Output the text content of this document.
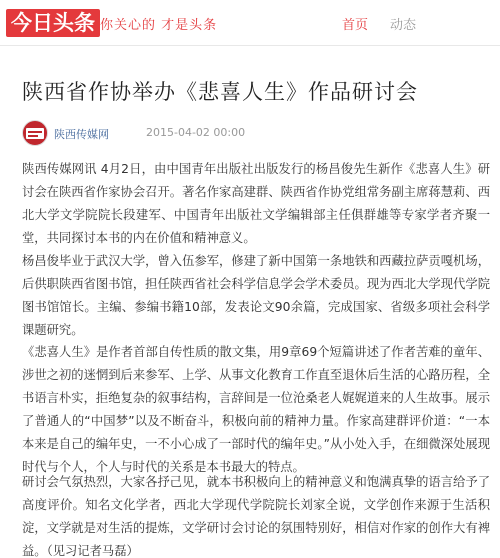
今日头条 你关心的 才是头条	首页 动态
陕西省作协举办《悲喜人生》作品研讨会
陕西传媒网	2015-04-02 00:00

陕西传媒网讯 4月2日，由中国青年出版社出版发行的杨昌俊先生新作《悲喜人生》研讨会在陕西省作家协会召开。著名作家高建群、陕西省作协党组常务副主席蒋慧莉、西北大学文学院院长段建军、中国青年出版社文学编辑部主任俱群雄等专家学者齐聚一堂，共同探讨本书的内在价值和精神意义。

杨昌俊毕业于武汉大学，曾入伍参军，修建了新中国第一条地铁和西藏拉萨贡嘎机场，后供职陕西省图书馆，担任陕西省社会科学信息学会学术委员。现为西北大学现代学院图书馆馆长。主编、参编书籍10部，发表论文90余篇，完成国家、省级多项社会科学课题研究。

《悲喜人生》是作者首部自传性质的散文集，用9章69个短篇讲述了作者苦难的童年、涉世之初的迷惘到后来参军、上学、从事文化教育工作直至退休后生活的心路历程，全书语言朴实，拒绝复杂的叙事结构，言辞间是一位沧桑老人娓娓道来的人生故事。展示了普通人的“中国梦”以及不断奋斗，积极向前的精神力量。作家高建群评价道：“一本本来是自己的编年史，一不小心成了一部时代的编年史。”从小处入手，在细微深处展现时代与个人，个人与时代的关系是本书最大的特点。

研讨会气氛热烈，大家各抒己见，就本书积极向上的精神意义和饱满真挚的语言给予了高度评价。知名文化学者，西北大学现代学院院长刘家全说，文学创作来源于生活积淀，文学就是对生活的提炼，文学研讨会讨论的氛围特别好，相信对作家的创作大有裨益。（见习记者马磊）
